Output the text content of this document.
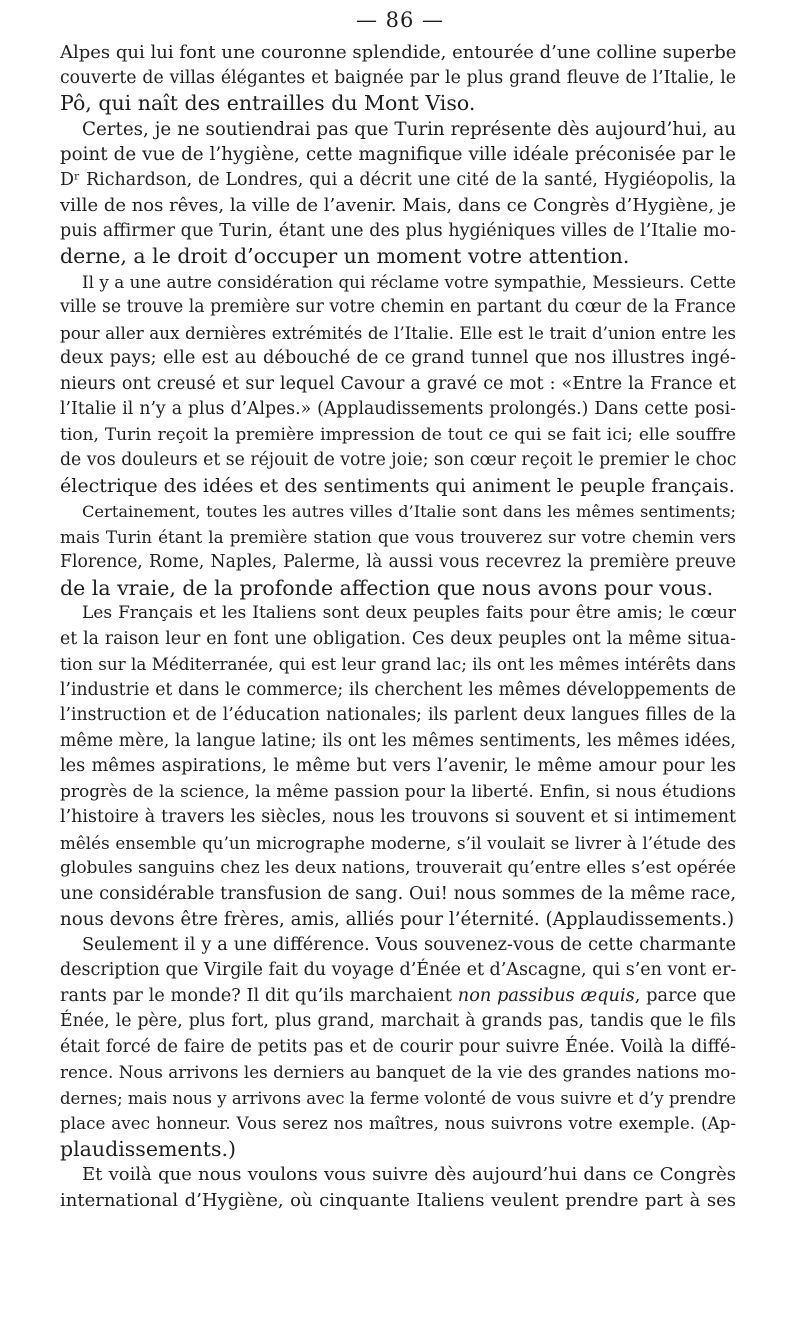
— 86 —
Alpes qui lui font une couronne splendide, entourée d’une colline superbe
couverte de villas élégantes et baignée par le plus grand fleuve de l’Italie, le
Pô, qui naît des entrailles du Mont Viso.
Certes, je ne soutiendrai pas que Turin représente dès aujourd’hui, au
point de vue de l’hygiène, cette magnifique ville idéale préconisée par le
Dʳ Richardson, de Londres, qui a décrit une cité de la santé, Hygiéopolis, la
ville de nos rêves, la ville de l’avenir. Mais, dans ce Congrès d’Hygiène, je
puis affirmer que Turin, étant une des plus hygiéniques villes de l’Italie mo-
derne, a le droit d’occuper un moment votre attention.
Il y a une autre considération qui réclame votre sympathie, Messieurs. Cette
ville se trouve la première sur votre chemin en partant du cœur de la France
pour aller aux dernières extrémités de l’Italie. Elle est le trait d’union entre les
deux pays; elle est au débouché de ce grand tunnel que nos illustres ingé-
nieurs ont creusé et sur lequel Cavour a gravé ce mot : «Entre la France et
l’Italie il n’y a plus d’Alpes.» (Applaudissements prolongés.) Dans cette posi-
tion, Turin reçoit la première impression de tout ce qui se fait ici; elle souffre
de vos douleurs et se réjouit de votre joie; son cœur reçoit le premier le choc
électrique des idées et des sentiments qui animent le peuple français.
Certainement, toutes les autres villes d’Italie sont dans les mêmes sentiments;
mais Turin étant la première station que vous trouverez sur votre chemin vers
Florence, Rome, Naples, Palerme, là aussi vous recevrez la première preuve
de la vraie, de la profonde affection que nous avons pour vous.
Les Français et les Italiens sont deux peuples faits pour être amis; le cœur
et la raison leur en font une obligation. Ces deux peuples ont la même situa-
tion sur la Méditerranée, qui est leur grand lac; ils ont les mêmes intérêts dans
l’industrie et dans le commerce; ils cherchent les mêmes développements de
l’instruction et de l’éducation nationales; ils parlent deux langues filles de la
même mère, la langue latine; ils ont les mêmes sentiments, les mêmes idées,
les mêmes aspirations, le même but vers l’avenir, le même amour pour les
progrès de la science, la même passion pour la liberté. Enfin, si nous étudions
l’histoire à travers les siècles, nous les trouvons si souvent et si intimement
mêlés ensemble qu’un micrographe moderne, s’il voulait se livrer à l’étude des
globules sanguins chez les deux nations, trouverait qu’entre elles s’est opérée
une considérable transfusion de sang. Oui! nous sommes de la même race,
nous devons être frères, amis, alliés pour l’éternité. (Applaudissements.)
Seulement il y a une différence. Vous souvenez-vous de cette charmante
description que Virgile fait du voyage d’Énée et d’Ascagne, qui s’en vont er-
rants par le monde? Il dit qu’ils marchaient non passibus æquis, parce que
Énée, le père, plus fort, plus grand, marchait à grands pas, tandis que le fils
était forcé de faire de petits pas et de courir pour suivre Énée. Voilà la diffé-
rence. Nous arrivons les derniers au banquet de la vie des grandes nations mo-
dernes; mais nous y arrivons avec la ferme volonté de vous suivre et d’y prendre
place avec honneur. Vous serez nos maîtres, nous suivrons votre exemple. (Ap-
plaudissements.)
Et voilà que nous voulons vous suivre dès aujourd’hui dans ce Congrès
international d’Hygiène, où cinquante Italiens veulent prendre part à ses
